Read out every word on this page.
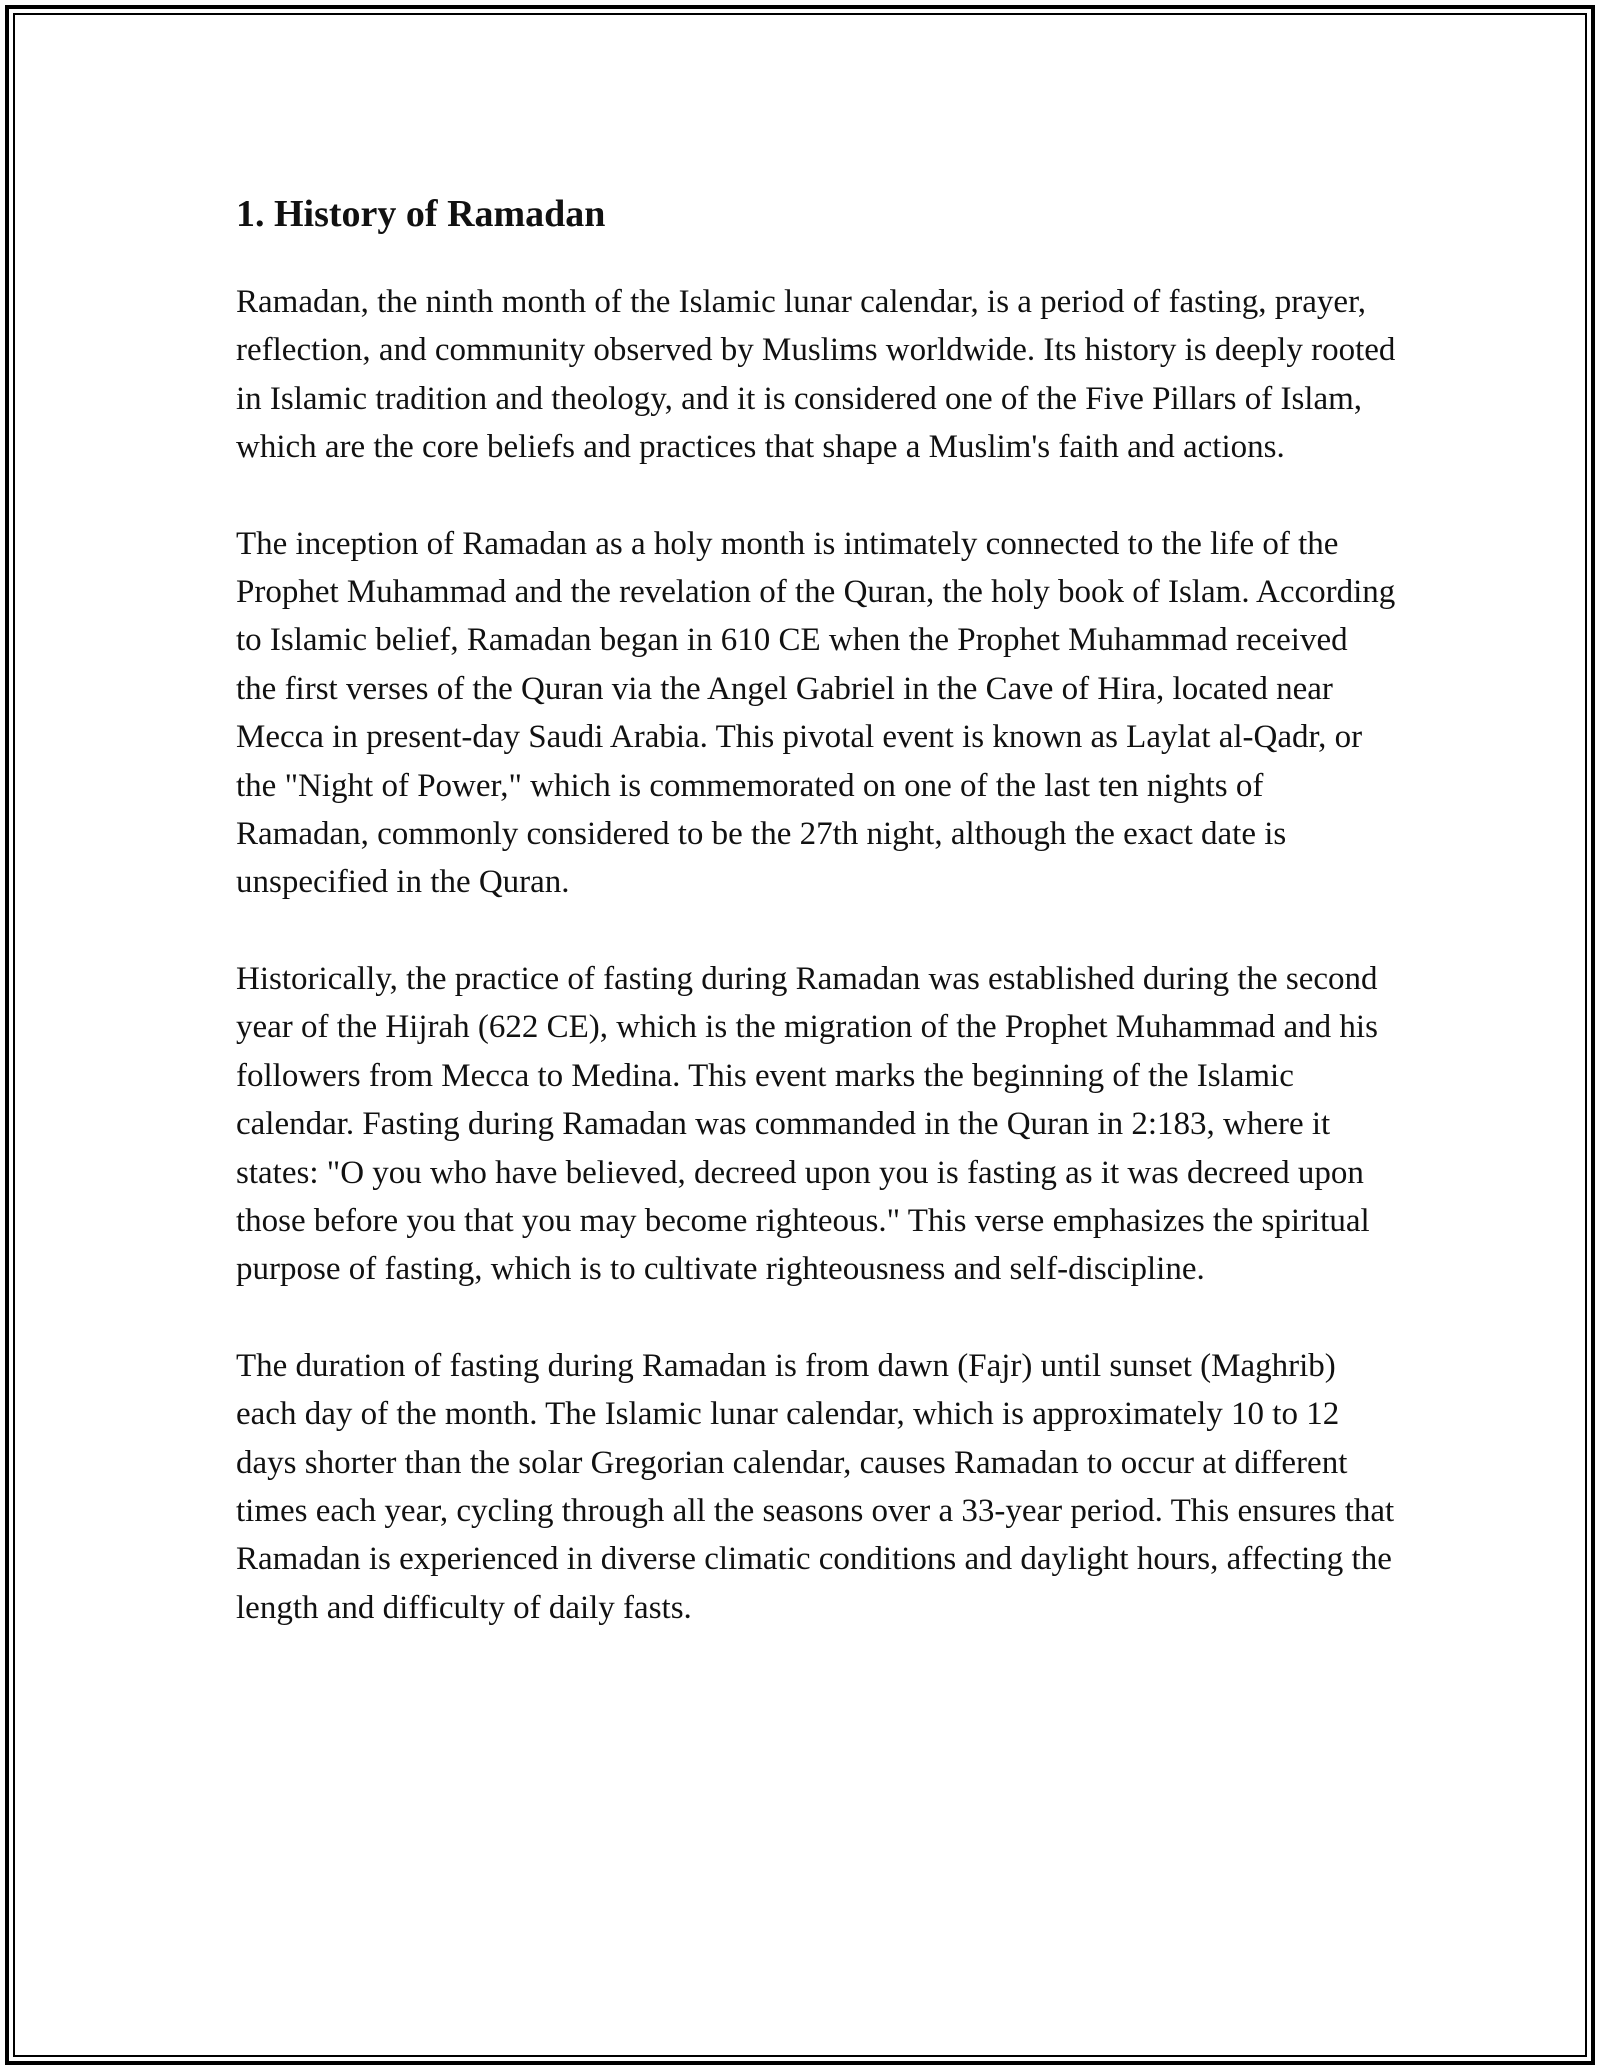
1. History of Ramadan

Ramadan, the ninth month of the Islamic lunar calendar, is a period of fasting, prayer, reflection, and community observed by Muslims worldwide. Its history is deeply rooted in Islamic tradition and theology, and it is considered one of the Five Pillars of Islam, which are the core beliefs and practices that shape a Muslim's faith and actions.

The inception of Ramadan as a holy month is intimately connected to the life of the Prophet Muhammad and the revelation of the Quran, the holy book of Islam. According to Islamic belief, Ramadan began in 610 CE when the Prophet Muhammad received the first verses of the Quran via the Angel Gabriel in the Cave of Hira, located near Mecca in present-day Saudi Arabia. This pivotal event is known as Laylat al-Qadr, or the "Night of Power," which is commemorated on one of the last ten nights of Ramadan, commonly considered to be the 27th night, although the exact date is unspecified in the Quran.

Historically, the practice of fasting during Ramadan was established during the second year of the Hijrah (622 CE), which is the migration of the Prophet Muhammad and his followers from Mecca to Medina. This event marks the beginning of the Islamic calendar. Fasting during Ramadan was commanded in the Quran in 2:183, where it states: "O you who have believed, decreed upon you is fasting as it was decreed upon those before you that you may become righteous." This verse emphasizes the spiritual purpose of fasting, which is to cultivate righteousness and self-discipline.

The duration of fasting during Ramadan is from dawn (Fajr) until sunset (Maghrib) each day of the month. The Islamic lunar calendar, which is approximately 10 to 12 days shorter than the solar Gregorian calendar, causes Ramadan to occur at different times each year, cycling through all the seasons over a 33-year period. This ensures that Ramadan is experienced in diverse climatic conditions and daylight hours, affecting the length and difficulty of daily fasts.
